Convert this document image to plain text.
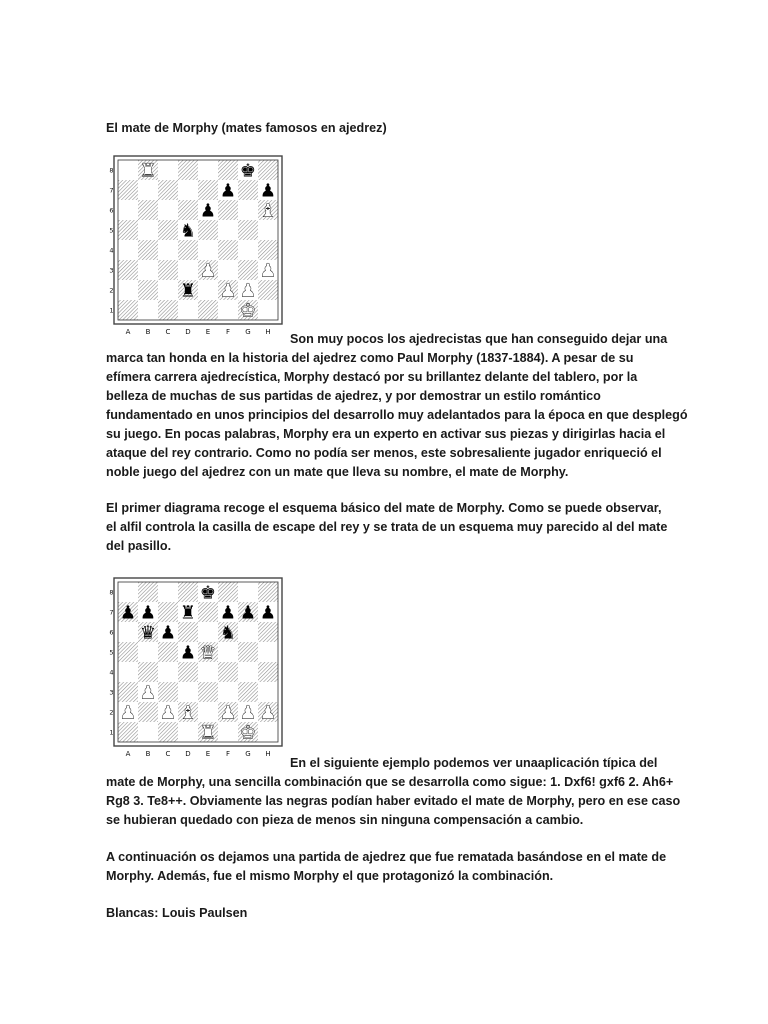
El mate de Morphy (mates famosos en ajedrez)
8
7
6
5
4
3
2
1
A B C D E F G H
♜	♚
♟ ♟
♟ ♝
♞
♟ ♟
♜ ♟ ♟
♚
Son muy pocos los ajedrecistas que han conseguido dejar una
marca tan honda en la historia del ajedrez como Paul Morphy (1837-1884). A pesar de su
efímera carrera ajedrecística, Morphy destacó por su brillantez delante del tablero, por la
belleza de muchas de sus partidas de ajedrez, y por demostrar un estilo romántico
fundamentado en unos principios del desarrollo muy adelantados para la época en que desplegó
su juego. En pocas palabras, Morphy era un experto en activar sus piezas y dirigirlas hacia el
ataque del rey contrario. Como no podía ser menos, este sobresaliente jugador enriqueció el
noble juego del ajedrez con un mate que lleva su nombre, el mate de Morphy.
El primer diagrama recoge el esquema básico del mate de Morphy. Como se puede observar,
el alfil controla la casilla de escape del rey y se trata de un esquema muy parecido al del mate
del pasillo.
8
7
6
5
4
3
2
1
A B C D E F G H
♚
♟ ♟ ♜ ♟ ♟ ♟
♛ ♟ ♞
♟ ♛
♟
♟ ♟ ♝ ♟ ♟ ♟
♜ ♚
En el siguiente ejemplo podemos ver unaaplicación típica del
mate de Morphy, una sencilla combinación que se desarrolla como sigue: 1. Dxf6! gxf6 2. Ah6+
Rg8 3. Te8++. Obviamente las negras podían haber evitado el mate de Morphy, pero en ese caso
se hubieran quedado con pieza de menos sin ninguna compensación a cambio.
A continuación os dejamos una partida de ajedrez que fue rematada basándose en el mate de
Morphy. Además, fue el mismo Morphy el que protagonizó la combinación.
Blancas: Louis Paulsen
